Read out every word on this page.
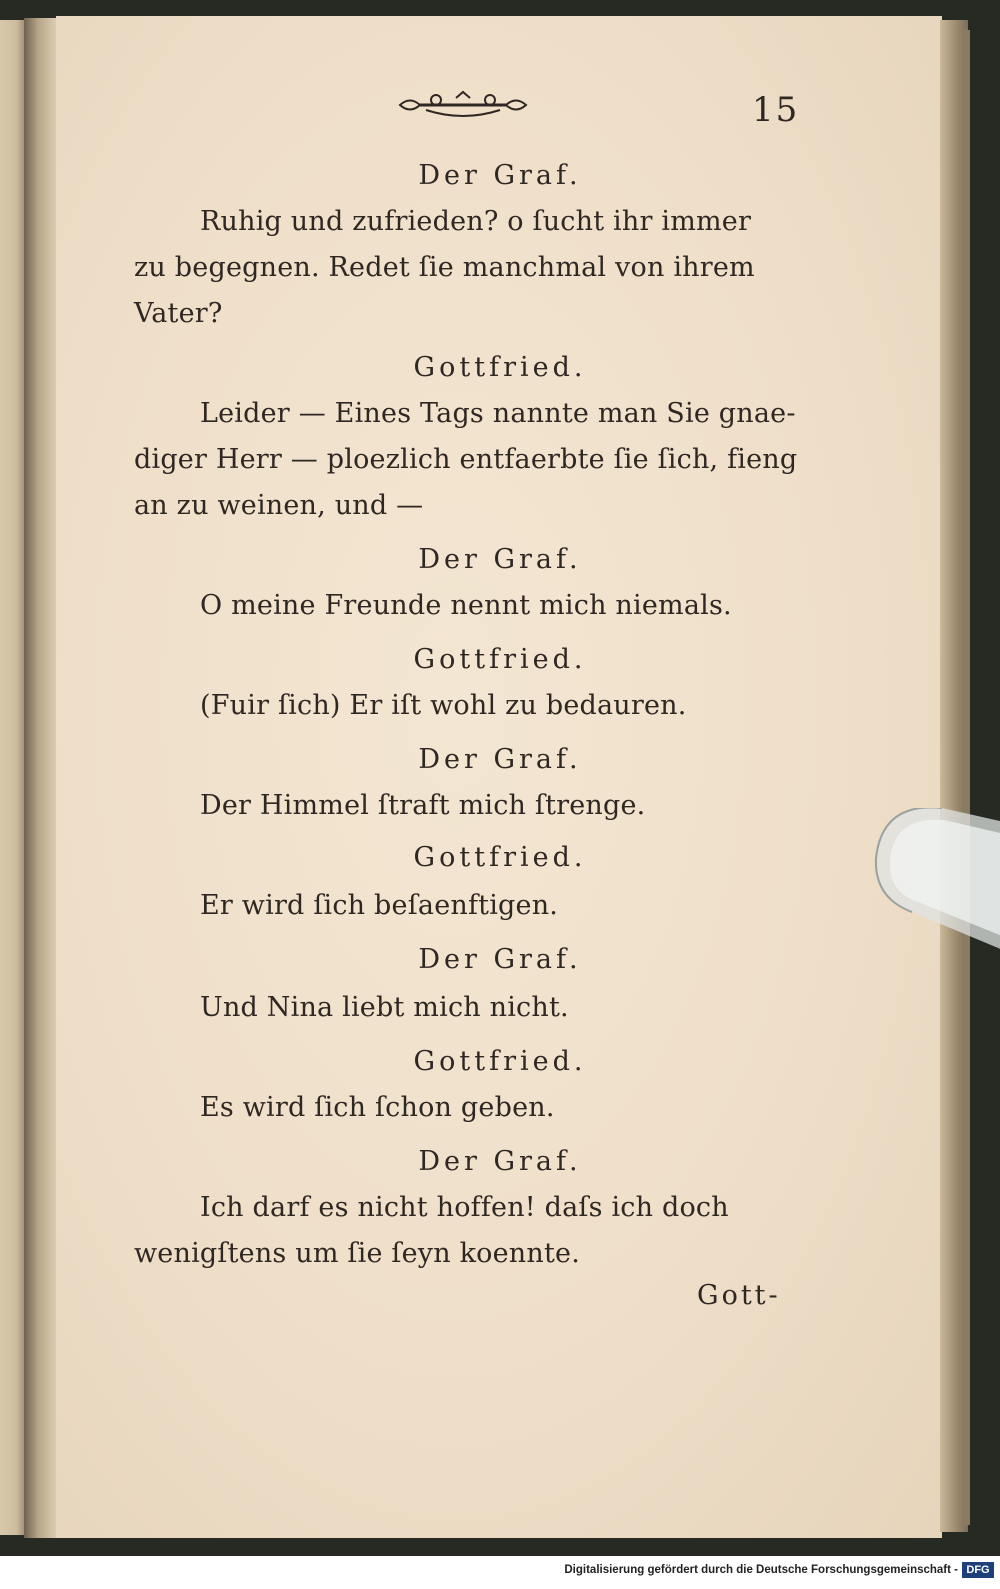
15
Der Graf.
Ruhig und zufrieden? o ſucht ihr immer
zu begegnen. Redet ſie manchmal von ihrem
Vater?
Gottfried.
Leider — Eines Tags nannte man Sie gnae-
diger Herr — ploezlich entfaerbte ſie ſich, fieng
an zu weinen, und —
Der Graf.
O meine Freunde nennt mich niemals.
Gottfried.
(Fuir ſich) Er iſt wohl zu bedauren.
Der Graf.
Der Himmel ſtraft mich ſtrenge.
Gottfried.
Er wird ſich beſaenftigen.
Der Graf.
Und Nina liebt mich nicht.
Gottfried.
Es wird ſich ſchon geben.
Der Graf.
Ich darf es nicht hoffen! daſs ich doch
wenigſtens um ſie ſeyn koennte.
Gott-
Digitalisierung gefördert durch die Deutsche Forschungsgemeinschaft - DFG
